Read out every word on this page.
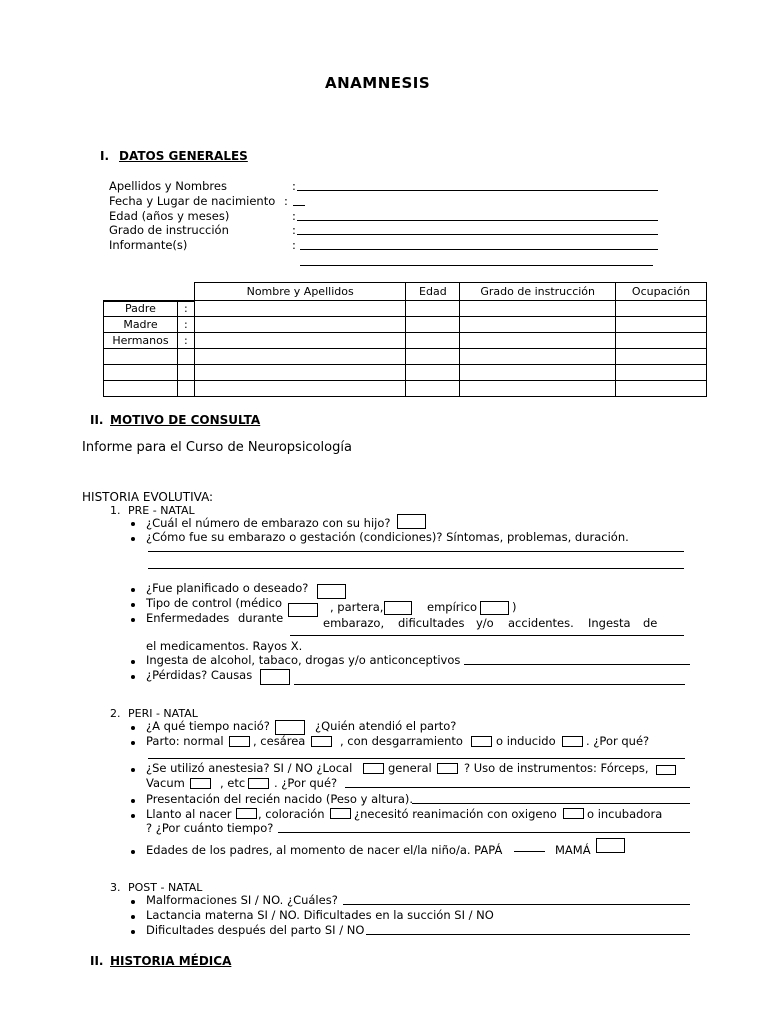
ANAMNESIS
I. DATOS GENERALES
Apellidos y Nombres	:
Fecha y Lugar de nacimiento :
Edad (años y meses)	:
Grado de instrucción	:
Informante(s)	:
		Nombre y Apellidos	Edad	Grado de instrucción	Ocupación
Padre	:				
Madre	:				
Hermanos	:				

II. MOTIVO DE CONSULTA
Informe para el Curso de Neuropsicología
HISTORIA EVOLUTIVA:
1. PRE - NATAL
¿Cuál el número de embarazo con su hijo?
¿Cómo fue su embarazo o gestación (condiciones)? Síntomas, problemas, duración.
¿Fue planificado o deseado?
Tipo de control (médico	, partera,	empírico	)
Enfermedades durante	embarazo, dificultades y/o accidentes. Ingesta de
el medicamentos. Rayos X.
Ingesta de alcohol, tabaco, drogas y/o anticonceptivos
¿Pérdidas? Causas
2. PERI - NATAL
¿A qué tiempo nació?	¿Quién atendió el parto?
Parto: normal	, cesárea	, con desgarramiento	o inducido	. ¿Por qué?
¿Se utilizó anestesia? SI / NO ¿Local	general	? Uso de instrumentos: Fórceps,
Vacum	, etc	. ¿Por qué?
Presentación del recién nacido (Peso y altura).
Llanto al nacer , coloración	¿necesitó reanimación con oxigeno	o incubadora
? ¿Por cuánto tiempo?
Edades de los padres, al momento de nacer el/la niño/a. PAPÁ	MAMÁ
3. POST - NATAL
Malformaciones SI / NO. ¿Cuáles?
Lactancia materna SI / NO. Dificultades en la succión SI / NO
Dificultades después del parto SI / NO
II. HISTORIA MÉDICA
